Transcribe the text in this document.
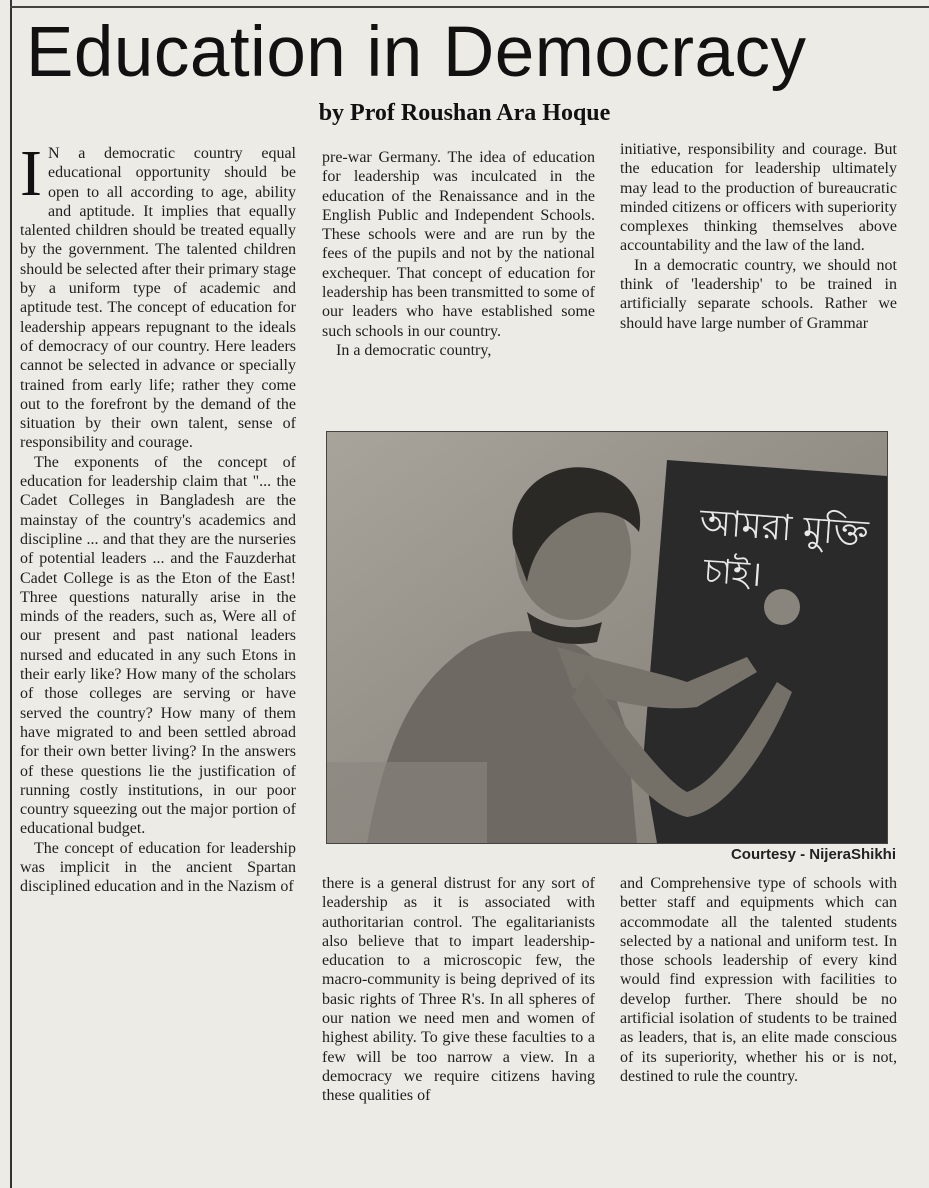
Education in Democracy
by Prof Roushan Ara Hoque

I N a democratic country equal educational opportunity should be open to all according to age, ability and aptitude. It implies that equally talented children should be treated equally by the government. The talented children should be selected after their primary stage by a uniform type of academic and aptitude test. The concept of education for leadership appears repugnant to the ideals of democracy of our country. Here leaders cannot be selected in advance or specially trained from early life; rather they come out to the forefront by the demand of the situation by their own talent, sense of responsibility and courage.

The exponents of the concept of education for leadership claim that "... the Cadet Colleges in Bangladesh are the mainstay of the country's academics and discipline ... and that they are the nurseries of potential leaders ... and the Fauzderhat Cadet College is as the Eton of the East! Three questions naturally arise in the minds of the readers, such as, Were all of our present and past national leaders nursed and educated in any such Etons in their early like? How many of the scholars of those colleges are serving or have served the country? How many of them have migrated to and been settled abroad for their own better living? In the answers of these questions lie the justification of running costly institutions, in our poor country squeezing out the major portion of educational budget.

The concept of education for leadership was implicit in the ancient Spartan disciplined education and in the Nazism of

pre-war Germany. The idea of education for leadership was inculcated in the education of the Renaissance and in the English Public and Independent Schools. These schools were and are run by the fees of the pupils and not by the national exchequer. That concept of education for leadership has been transmitted to some of our leaders who have established some such schools in our country.

In a democratic country,

initiative, responsibility and courage. But the education for leadership ultimately may lead to the production of bureaucratic minded citizens or officers with superiority complexes thinking themselves above accountability and the law of the land.

In a democratic country, we should not think of 'leadership' to be trained in artificially separate schools. Rather we should have large number of Grammar

আমরা মুক্তি
চাই।
Courtesy - NijeraShikhi

there is a general distrust for any sort of leadership as it is associated with authoritarian control. The egalitarianists also believe that to impart leadership-education to a microscopic few, the macro-community is being deprived of its basic rights of Three R's. In all spheres of our nation we need men and women of highest ability. To give these faculties to a few will be too narrow a view. In a democracy we require citizens having these qualities of

and Comprehensive type of schools with better staff and equipments which can accommodate all the talented students selected by a national and uniform test. In those schools leadership of every kind would find expression with facilities to develop further. There should be no artificial isolation of students to be trained as leaders, that is, an elite made conscious of its superiority, whether his or is not, destined to rule the country.
